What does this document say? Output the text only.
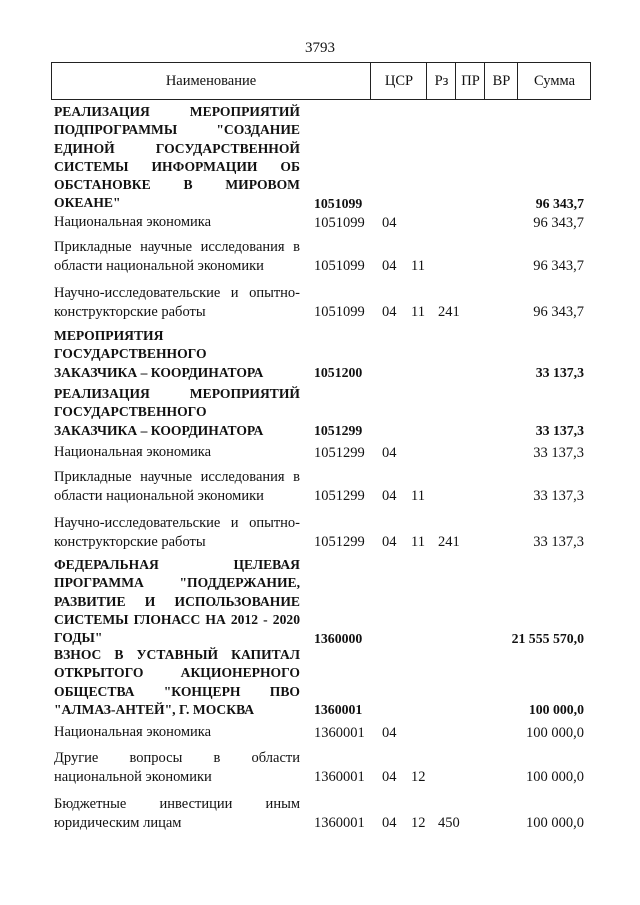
3793
Наименование	ЦСР	Рз ПР ВР	Сумма
РЕАЛИЗАЦИЯ МЕРОПРИЯТИЙ
ПОДПРОГРАММЫ "СОЗДАНИЕ
ЕДИНОЙ ГОСУДАРСТВЕННОЙ
СИСТЕМЫ ИНФОРМАЦИИ ОБ
ОБСТАНОВКЕ В МИРОВОМ
ОКЕАНЕ"	1051099	96 343,7
Национальная экономика	1051099 04	96 343,7
Прикладные научные исследования в
области национальной экономики	1051099 04 11	96 343,7
Научно-исследовательские и опытно-
конструкторские работы	1051099 04 11 241	96 343,7
МЕРОПРИЯТИЯ
ГОСУДАРСТВЕННОГО
ЗАКАЗЧИКА – КООРДИНАТОРА	1051200	33 137,3
РЕАЛИЗАЦИЯ МЕРОПРИЯТИЙ
ГОСУДАРСТВЕННОГО
ЗАКАЗЧИКА – КООРДИНАТОРА	1051299	33 137,3
Национальная экономика	1051299 04	33 137,3
Прикладные научные исследования в
области национальной экономики	1051299 04 11	33 137,3
Научно-исследовательские и опытно-
конструкторские работы	1051299 04 11 241	33 137,3
ФЕДЕРАЛЬНАЯ ЦЕЛЕВАЯ
ПРОГРАММА "ПОДДЕРЖАНИЕ,
РАЗВИТИЕ И ИСПОЛЬЗОВАНИЕ
СИСТЕМЫ ГЛОНАСС НА 2012 - 2020
ГОДЫ"	1360000	21 555 570,0
ВЗНОС В УСТАВНЫЙ КАПИТАЛ
ОТКРЫТОГО АКЦИОНЕРНОГО
ОБЩЕСТВА "КОНЦЕРН ПВО
"АЛМАЗ-АНТЕЙ", Г. МОСКВА	1360001	100 000,0
Национальная экономика	1360001 04	100 000,0
Другие вопросы в области
национальной экономики	1360001 04 12	100 000,0
Бюджетные инвестиции иным
юридическим лицам	1360001 04 12 450	100 000,0
